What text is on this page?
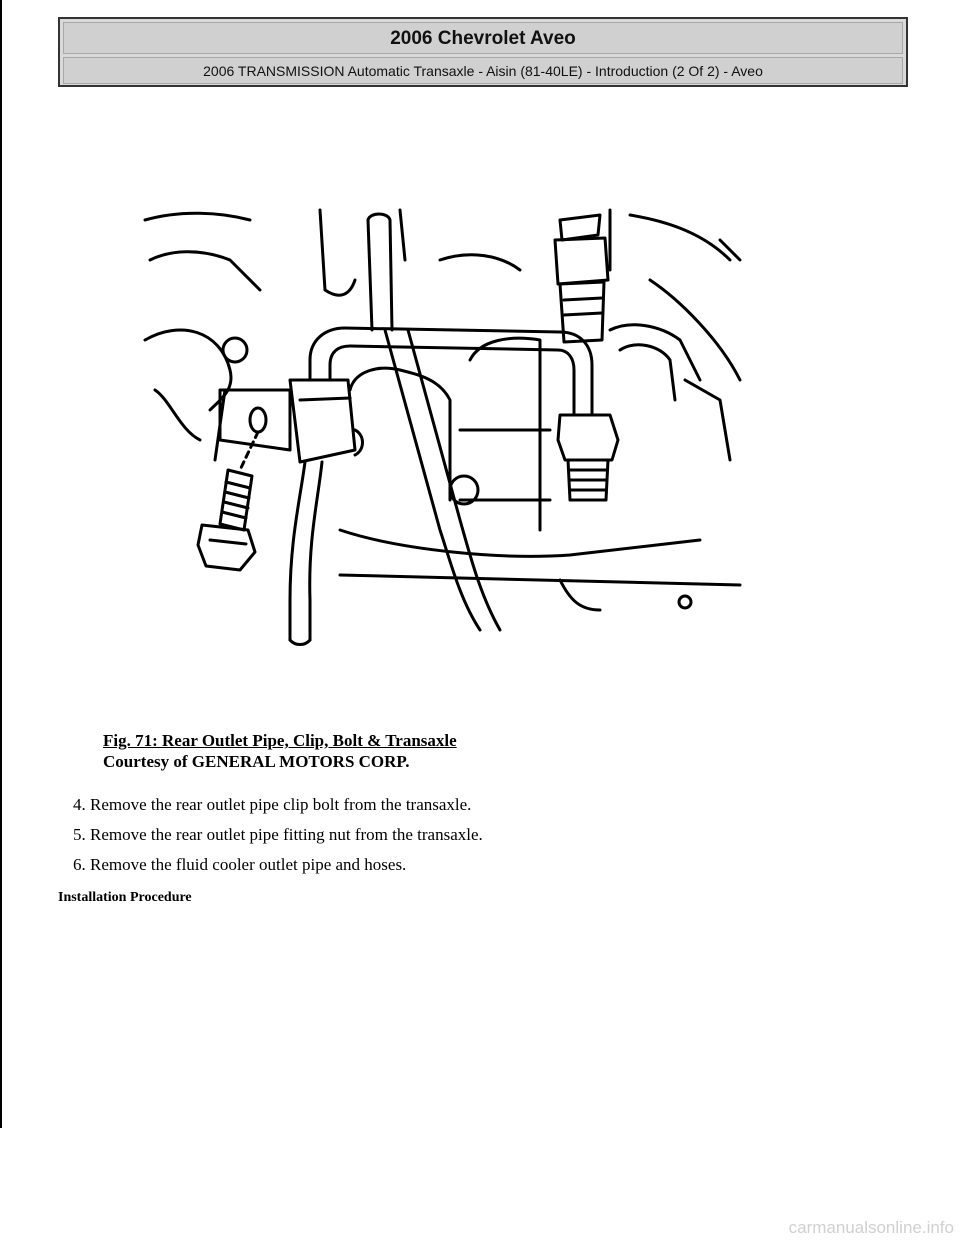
2006 Chevrolet Aveo
2006 TRANSMISSION Automatic Transaxle - Aisin (81-40LE) - Introduction (2 Of 2) - Aveo
Fig. 71: Rear Outlet Pipe, Clip, Bolt & Transaxle
Courtesy of GENERAL MOTORS CORP.
4. Remove the rear outlet pipe clip bolt from the transaxle.
5. Remove the rear outlet pipe fitting nut from the transaxle.
6. Remove the fluid cooler outlet pipe and hoses.
Installation Procedure
carmanualsonline.info
